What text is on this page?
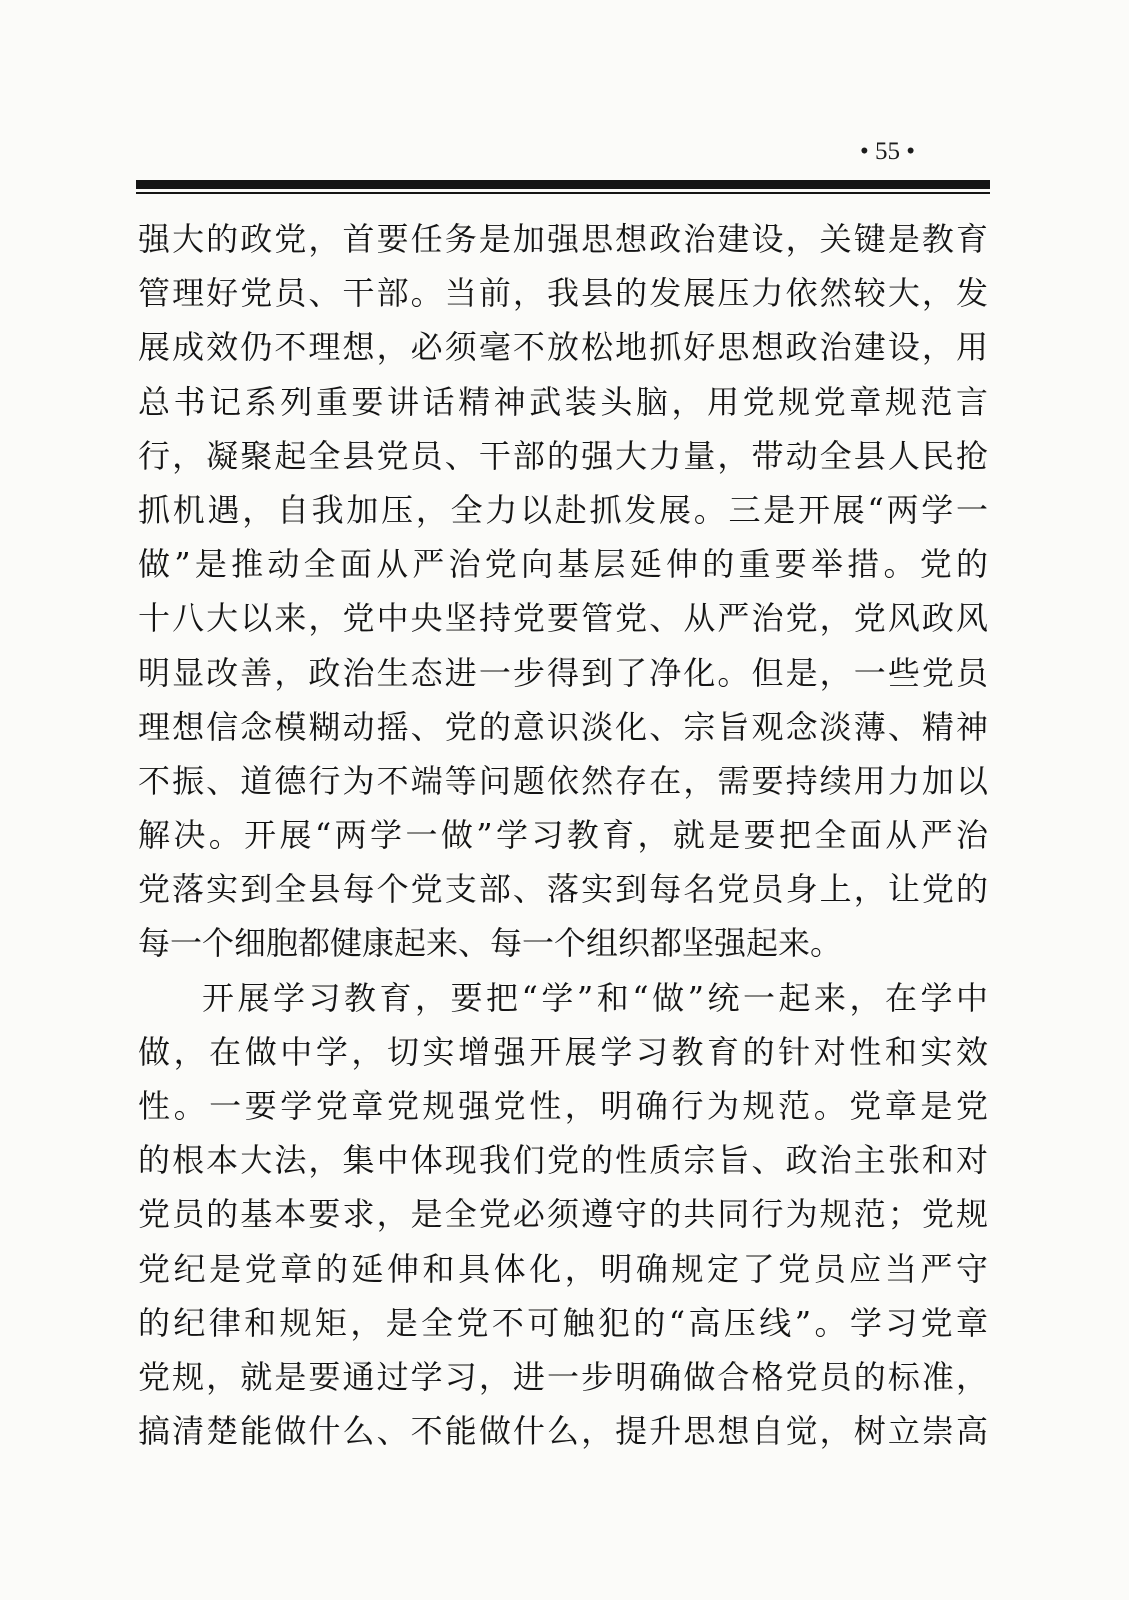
• 55 •
强大的政党，首要任务是加强思想政治建设，关键是教育
管理好党员、干部。当前，我县的发展压力依然较大，发
展成效仍不理想，必须毫不放松地抓好思想政治建设，用
总书记系列重要讲话精神武装头脑，用党规党章规范言
行，凝聚起全县党员、干部的强大力量，带动全县人民抢
抓机遇，自我加压，全力以赴抓发展。三是开展“两学一
做”是推动全面从严治党向基层延伸的重要举措。党的
十八大以来，党中央坚持党要管党、从严治党，党风政风
明显改善，政治生态进一步得到了净化。但是，一些党员
理想信念模糊动摇、党的意识淡化、宗旨观念淡薄、精神
不振、道德行为不端等问题依然存在，需要持续用力加以
解决。开展“两学一做”学习教育，就是要把全面从严治
党落实到全县每个党支部、落实到每名党员身上，让党的
每一个细胞都健康起来、每一个组织都坚强起来。
开展学习教育，要把“学”和“做”统一起来，在学中
做，在做中学，切实增强开展学习教育的针对性和实效
性。一要学党章党规强党性，明确行为规范。党章是党
的根本大法，集中体现我们党的性质宗旨、政治主张和对
党员的基本要求，是全党必须遵守的共同行为规范；党规
党纪是党章的延伸和具体化，明确规定了党员应当严守
的纪律和规矩，是全党不可触犯的“高压线”。学习党章
党规，就是要通过学习，进一步明确做合格党员的标准，
搞清楚能做什么、不能做什么，提升思想自觉，树立崇高
